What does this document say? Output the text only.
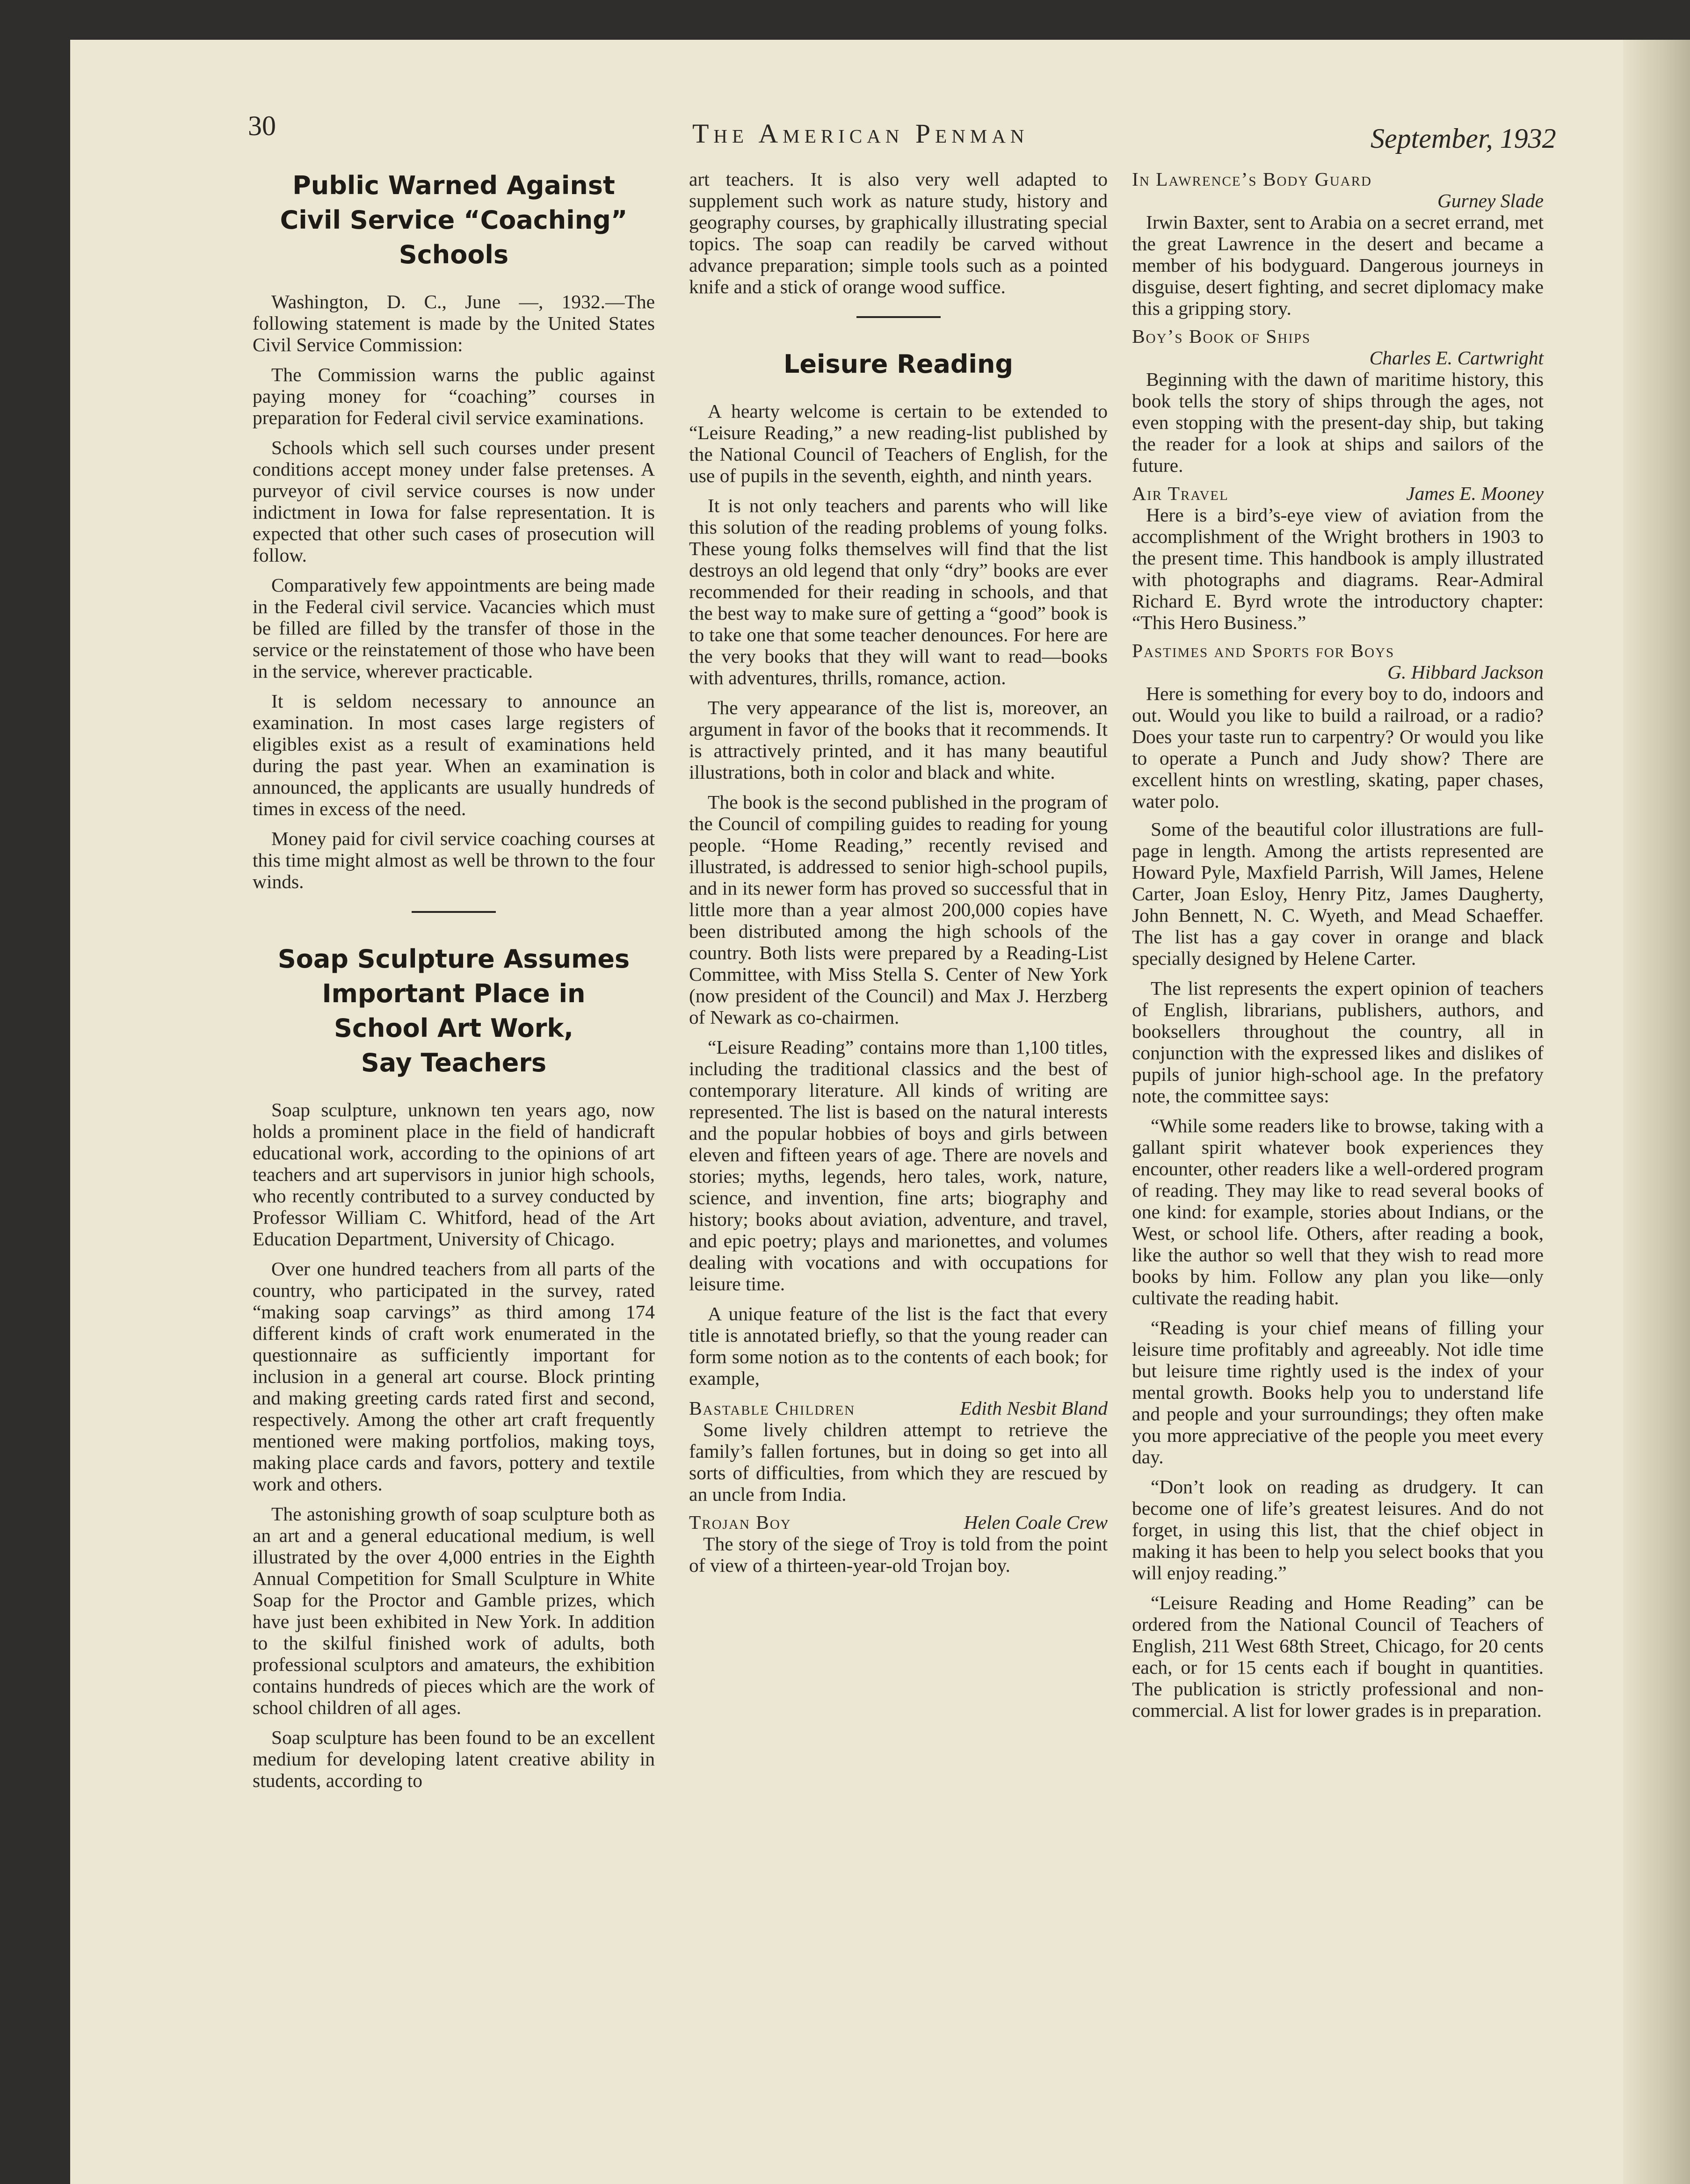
30	The American Penman	September, 1932
Public Warned Against
Civil Service “Coaching”
Schools

Washington, D. C., June —, 1932.—The following statement is made by the United States Civil Service Commission:

The Commission warns the public against paying money for “coaching” courses in preparation for Federal civil service examinations.

Schools which sell such courses under present conditions accept money under false pretenses. A purveyor of civil service courses is now under indictment in Iowa for false representation. It is expected that other such cases of prosecution will follow.

Comparatively few appointments are being made in the Federal civil service. Vacancies which must be filled are filled by the transfer of those in the service or the reinstatement of those who have been in the service, wherever practicable.

It is seldom necessary to announce an examination. In most cases large registers of eligibles exist as a result of examinations held during the past year. When an examination is announced, the applicants are usually hundreds of times in excess of the need.

Money paid for civil service coaching courses at this time might almost as well be thrown to the four winds.

Soap Sculpture Assumes
Important Place in
School Art Work,
Say Teachers

Soap sculpture, unknown ten years ago, now holds a prominent place in the field of handicraft educational work, according to the opinions of art teachers and art supervisors in junior high schools, who recently contributed to a survey conducted by Professor William C. Whitford, head of the Art Education Department, University of Chicago.

Over one hundred teachers from all parts of the country, who participated in the survey, rated “making soap carvings” as third among 174 different kinds of craft work enumerated in the questionnaire as sufficiently important for inclusion in a general art course. Block printing and making greeting cards rated first and second, respectively. Among the other art craft frequently mentioned were making portfolios, making toys, making place cards and favors, pottery and textile work and others.

The astonishing growth of soap sculpture both as an art and a general educational medium, is well illustrated by the over 4,000 entries in the Eighth Annual Competition for Small Sculpture in White Soap for the Proctor and Gamble prizes, which have just been exhibited in New York. In addition to the skilful finished work of adults, both professional sculptors and amateurs, the exhibition contains hundreds of pieces which are the work of school children of all ages.

Soap sculpture has been found to be an excellent medium for developing latent creative ability in students, according to

art teachers. It is also very well adapted to supplement such work as nature study, history and geography courses, by graphically illustrating special topics. The soap can readily be carved without advance preparation; simple tools such as a pointed knife and a stick of orange wood suffice.

Leisure Reading

A hearty welcome is certain to be extended to “Leisure Reading,” a new reading-list published by the National Council of Teachers of English, for the use of pupils in the seventh, eighth, and ninth years.

It is not only teachers and parents who will like this solution of the reading problems of young folks. These young folks themselves will find that the list destroys an old legend that only “dry” books are ever recommended for their reading in schools, and that the best way to make sure of getting a “good” book is to take one that some teacher denounces. For here are the very books that they will want to read—books with adventures, thrills, romance, action.

The very appearance of the list is, moreover, an argument in favor of the books that it recommends. It is attractively printed, and it has many beautiful illustrations, both in color and black and white.

The book is the second published in the program of the Council of compiling guides to reading for young people. “Home Reading,” recently revised and illustrated, is addressed to senior high-school pupils, and in its newer form has proved so successful that in little more than a year almost 200,000 copies have been distributed among the high schools of the country. Both lists were prepared by a Reading-List Committee, with Miss Stella S. Center of New York (now president of the Council) and Max J. Herzberg of Newark as co-chairmen.

“Leisure Reading” contains more than 1,100 titles, including the traditional classics and the best of contemporary literature. All kinds of writing are represented. The list is based on the natural interests and the popular hobbies of boys and girls between eleven and fifteen years of age. There are novels and stories; myths, legends, hero tales, work, nature, science, and invention, fine arts; biography and history; books about aviation, adventure, and travel, and epic poetry; plays and marionettes, and volumes dealing with vocations and with occupations for leisure time.

A unique feature of the list is the fact that every title is annotated briefly, so that the young reader can form some notion as to the contents of each book; for example,

Bastable Children	Edith Nesbit Bland

Some lively children attempt to retrieve the family’s fallen fortunes, but in doing so get into all sorts of difficulties, from which they are rescued by an uncle from India.

Trojan Boy	Helen Coale Crew

The story of the siege of Troy is told from the point of view of a thirteen-year-old Trojan boy.

In Lawrence’s Body Guard
Gurney Slade

Irwin Baxter, sent to Arabia on a secret errand, met the great Lawrence in the desert and became a member of his bodyguard. Dangerous journeys in disguise, desert fighting, and secret diplomacy make this a gripping story.

Boy’s Book of Ships
Charles E. Cartwright

Beginning with the dawn of maritime history, this book tells the story of ships through the ages, not even stopping with the present-day ship, but taking the reader for a look at ships and sailors of the future.

Air Travel	James E. Mooney

Here is a bird’s-eye view of aviation from the accomplishment of the Wright brothers in 1903 to the present time. This handbook is amply illustrated with photographs and diagrams. Rear-Admiral Richard E. Byrd wrote the introductory chapter: “This Hero Business.”

Pastimes and Sports for Boys
G. Hibbard Jackson

Here is something for every boy to do, indoors and out. Would you like to build a railroad, or a radio? Does your taste run to carpentry? Or would you like to operate a Punch and Judy show? There are excellent hints on wrestling, skating, paper chases, water polo.

Some of the beautiful color illustrations are full-page in length. Among the artists represented are Howard Pyle, Maxfield Parrish, Will James, Helene Carter, Joan Esloy, Henry Pitz, James Daugherty, John Bennett, N. C. Wyeth, and Mead Schaeffer. The list has a gay cover in orange and black specially designed by Helene Carter.

The list represents the expert opinion of teachers of English, librarians, publishers, authors, and booksellers throughout the country, all in conjunction with the expressed likes and dislikes of pupils of junior high-school age. In the prefatory note, the committee says:

“While some readers like to browse, taking with a gallant spirit whatever book experiences they encounter, other readers like a well-ordered program of reading. They may like to read several books of one kind: for example, stories about Indians, or the West, or school life. Others, after reading a book, like the author so well that they wish to read more books by him. Follow any plan you like—only cultivate the reading habit.

“Reading is your chief means of filling your leisure time profitably and agreeably. Not idle time but leisure time rightly used is the index of your mental growth. Books help you to understand life and people and your surroundings; they often make you more appreciative of the people you meet every day.

“Don’t look on reading as drudgery. It can become one of life’s greatest leisures. And do not forget, in using this list, that the chief object in making it has been to help you select books that you will enjoy reading.”

“Leisure Reading and Home Reading” can be ordered from the National Council of Teachers of English, 211 West 68th Street, Chicago, for 20 cents each, or for 15 cents each if bought in quantities. The publication is strictly professional and non-commercial. A list for lower grades is in preparation.
